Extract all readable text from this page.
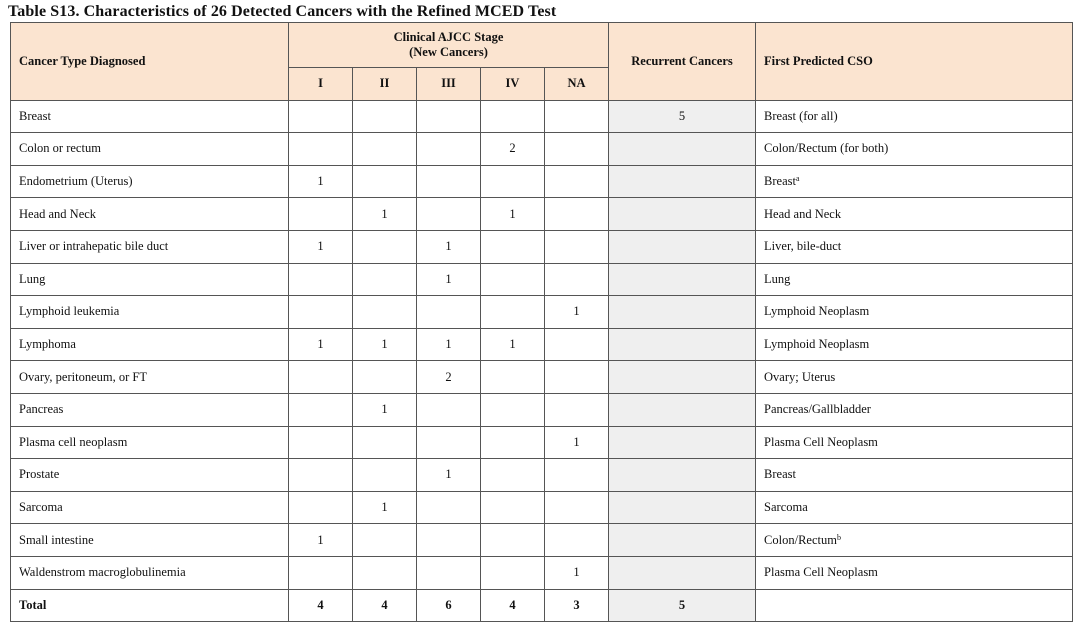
Table S13. Characteristics of 26 Detected Cancers with the Refined MCED Test
Cancer Type Diagnosed	Clinical AJCC Stage
(New Cancers)					Recurrent Cancers	First Predicted CSO
	I	II	III	IV	NA		
Breast						5	Breast (for all)
Colon or rectum				2			Colon/Rectum (for both)
Endometrium (Uterus)	1						Breast$^a$
Head and Neck		1		1			Head and Neck
Liver or intrahepatic bile duct	1		1				Liver, bile-duct
Lung			1				Lung
Lymphoid leukemia					1		Lymphoid Neoplasm
Lymphoma	1	1	1	1			Lymphoid Neoplasm
Ovary, peritoneum, or FT			2				Ovary; Uterus
Pancreas		1					Pancreas/Gallbladder
Plasma cell neoplasm					1		Plasma Cell Neoplasm
Prostate			1				Breast
Sarcoma		1					Sarcoma
Small intestine	1						Colon/Rectum$^b$
Waldenstrom macroglobulinemia					1		Plasma Cell Neoplasm
Total	4	4	6	4	3	5	
